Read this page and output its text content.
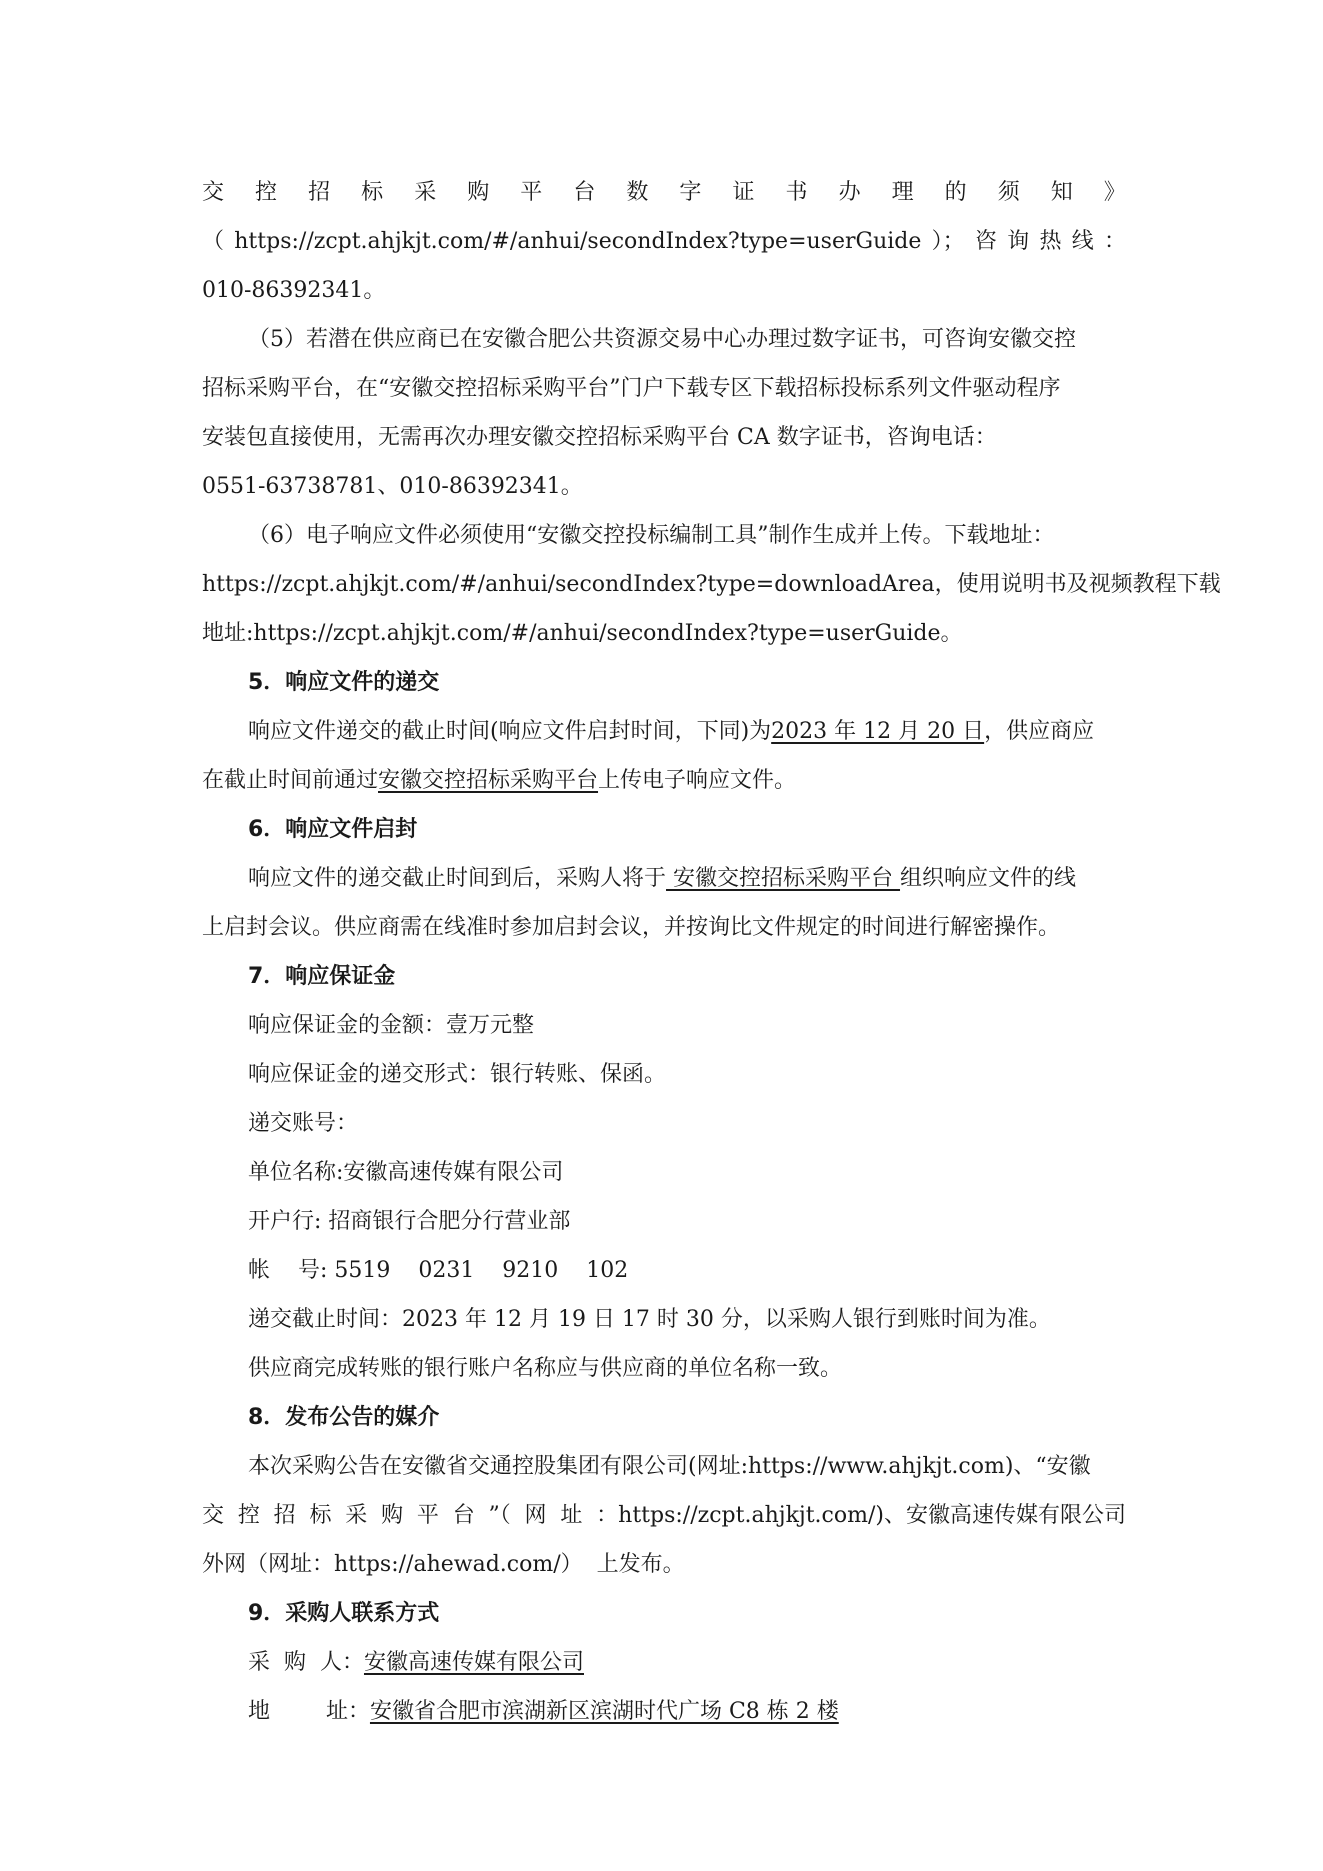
交 控 招 标 采 购 平 台 数 字 证 书 办 理 的 须 知 》
（ https://zcpt.ahjkjt.com/#/anhui/secondIndex?type=userGuide ）； 咨 询 热 线 ：
010-86392341。
（5）若潜在供应商已在安徽合肥公共资源交易中心办理过数字证书，可咨询安徽交控
招标采购平台，在“安徽交控招标采购平台”门户下载专区下载招标投标系列文件驱动程序
安装包直接使用，无需再次办理安徽交控招标采购平台 CA 数字证书，咨询电话：
0551-63738781、010-86392341。
（6）电子响应文件必须使用“安徽交控投标编制工具”制作生成并上传。下载地址：
https://zcpt.ahjkjt.com/#/anhui/secondIndex?type=downloadArea，使用说明书及视频教程下载
地址:https://zcpt.ahjkjt.com/#/anhui/secondIndex?type=userGuide。
5．响应文件的递交
响应文件递交的截止时间(响应文件启封时间，下同)为2023 年 12 月 20 日，供应商应
在截止时间前通过安徽交控招标采购平台上传电子响应文件。
6．响应文件启封
响应文件的递交截止时间到后，采购人将于 安徽交控招标采购平台 组织响应文件的线
上启封会议。供应商需在线准时参加启封会议，并按询比文件规定的时间进行解密操作。
7．响应保证金
响应保证金的金额：壹万元整
响应保证金的递交形式：银行转账、保函。
递交账号：
单位名称:安徽高速传媒有限公司
开户行: 招商银行合肥分行营业部
帐    号: 5519    0231    9210    102
递交截止时间：2023 年 12 月 19 日 17 时 30 分，以采购人银行到账时间为准。
供应商完成转账的银行账户名称应与供应商的单位名称一致。
8．发布公告的媒介
本次采购公告在安徽省交通控股集团有限公司(网址:https://www.ahjkjt.com)、“安徽
交 控 招 标 采 购 平 台 ”（ 网 址 ：https://zcpt.ahjkjt.com/)、安徽高速传媒有限公司
外网（网址：https://ahewad.com/）  上发布。
9．采购人联系方式
采  购  人：安徽高速传媒有限公司
地        址：安徽省合肥市滨湖新区滨湖时代广场 C8 栋 2 楼
